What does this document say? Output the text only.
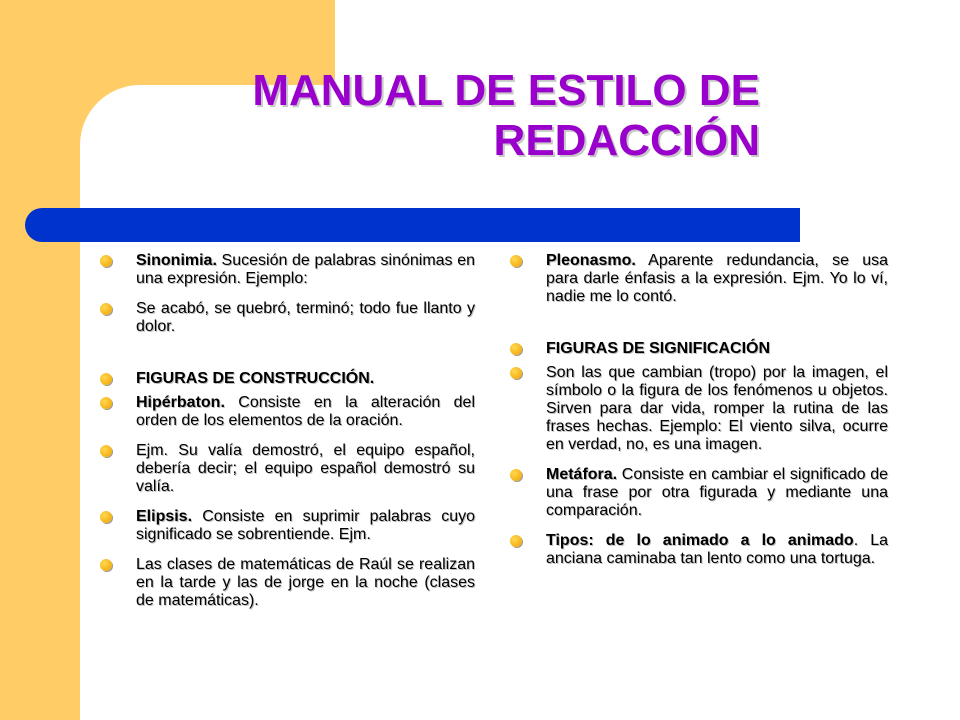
MANUAL DE ESTILO DE
REDACCIÓN
Sinonimia. Sucesión de palabras sinónimas en una expresión. Ejemplo:
Se acabó, se quebró, terminó; todo fue llanto y dolor.
FIGURAS DE CONSTRUCCIÓN.
Hipérbaton. Consiste en la alteración del orden de los elementos de la oración.
Ejm. Su valía demostró, el equipo español, debería decir; el equipo español demostró su valía.
Elipsis. Consiste en suprimir palabras cuyo significado se sobrentiende. Ejm.
Las clases de matemáticas de Raúl se realizan en la tarde y las de jorge en la noche (clases de matemáticas).
Pleonasmo. Aparente redundancia, se usa para darle énfasis a la expresión. Ejm. Yo lo ví, nadie me lo contó.
FIGURAS DE SIGNIFICACIÓN
Son las que cambian (tropo) por la imagen, el símbolo o la figura de los fenómenos u objetos. Sirven para dar vida, romper la rutina de las frases hechas. Ejemplo: El viento silva, ocurre en verdad, no, es una imagen.
Metáfora. Consiste en cambiar el significado de una frase por otra figurada y mediante una comparación.
Tipos: de lo animado a lo animado. La anciana caminaba tan lento como una tortuga.
